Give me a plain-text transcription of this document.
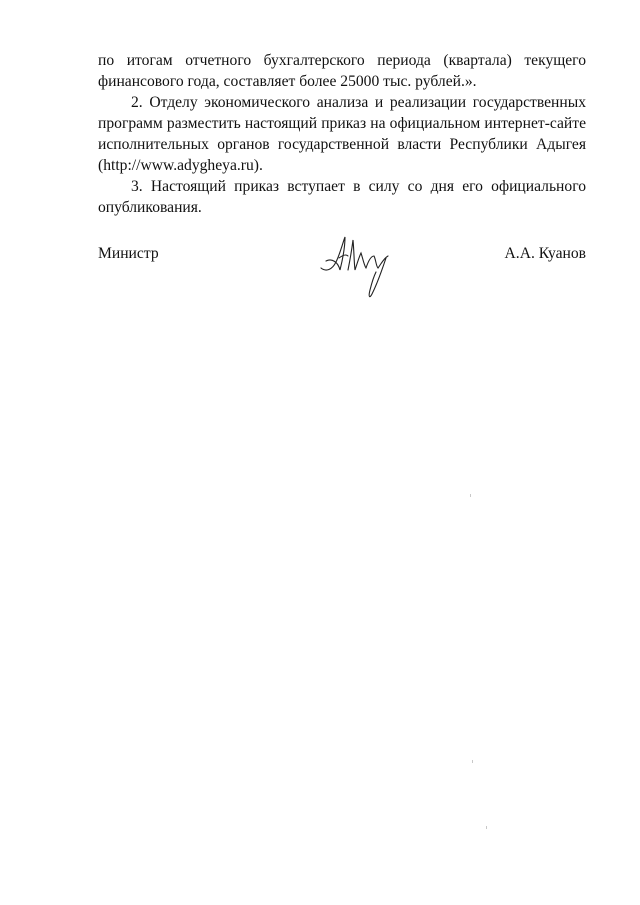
по итогам отчетного бухгалтерского периода (квартала) текущего финансового года, составляет более 25000 тыс. рублей.».

2. Отделу экономического анализа и реализации государственных программ разместить настоящий приказ на официальном интернет-сайте исполнительных органов государственной власти Республики Адыгея (http://www.adygheya.ru).

3. Настоящий приказ вступает в силу со дня его официального опубликования.

Министр	А.А. Куанов
